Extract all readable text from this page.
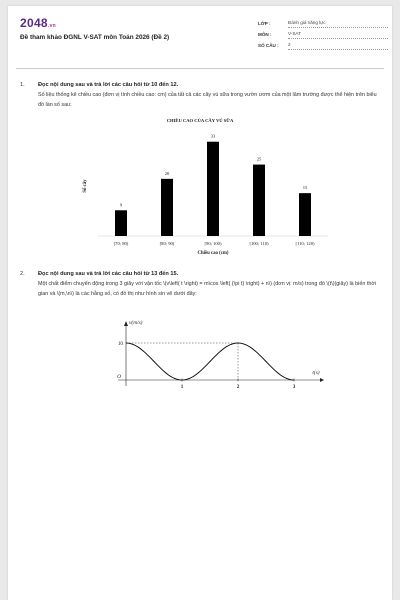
2048.vn
Đề tham khảo ĐGNL V-SAT môn Toán 2026 (Đề 2)
LỚP :	Đánh giá năng lực
MÔN :	V-SAT
SỐ CÂU :	2
1. Đọc nội dung sau và trả lời các câu hỏi từ 10 đến 12.
Số liệu thống kê chiều cao (đơn vị tính chiều cao: cm) của tất cả các cây vú sữa trong vườn ươm của một lâm trường được thể hiện trên biểu đồ làn số sau:
CHIỀU CAO CỦA CÂY VÚ SỮA
9
[70; 80)
20
[80; 90)
33
[90; 100)
25
[100; 110)
15
[110; 120)
Chiều cao (cm)
Số cây
2. Đọc nội dung sau và trả lời các câu hỏi từ 13 đến 15.
Một chất điểm chuyển động trong 3 giây với vận tốc \(v\left( t \right) = m\cos \left( {\pi t} \right) + n\) (đơn vị: m/s) trong đó \(t\)(giây) là biến thời gian và \(m,\n\) là các hằng số, có đồ thị như hình sin vẽ dưới đây:
1	2	3
10
O
t(s)
v(m/s)
